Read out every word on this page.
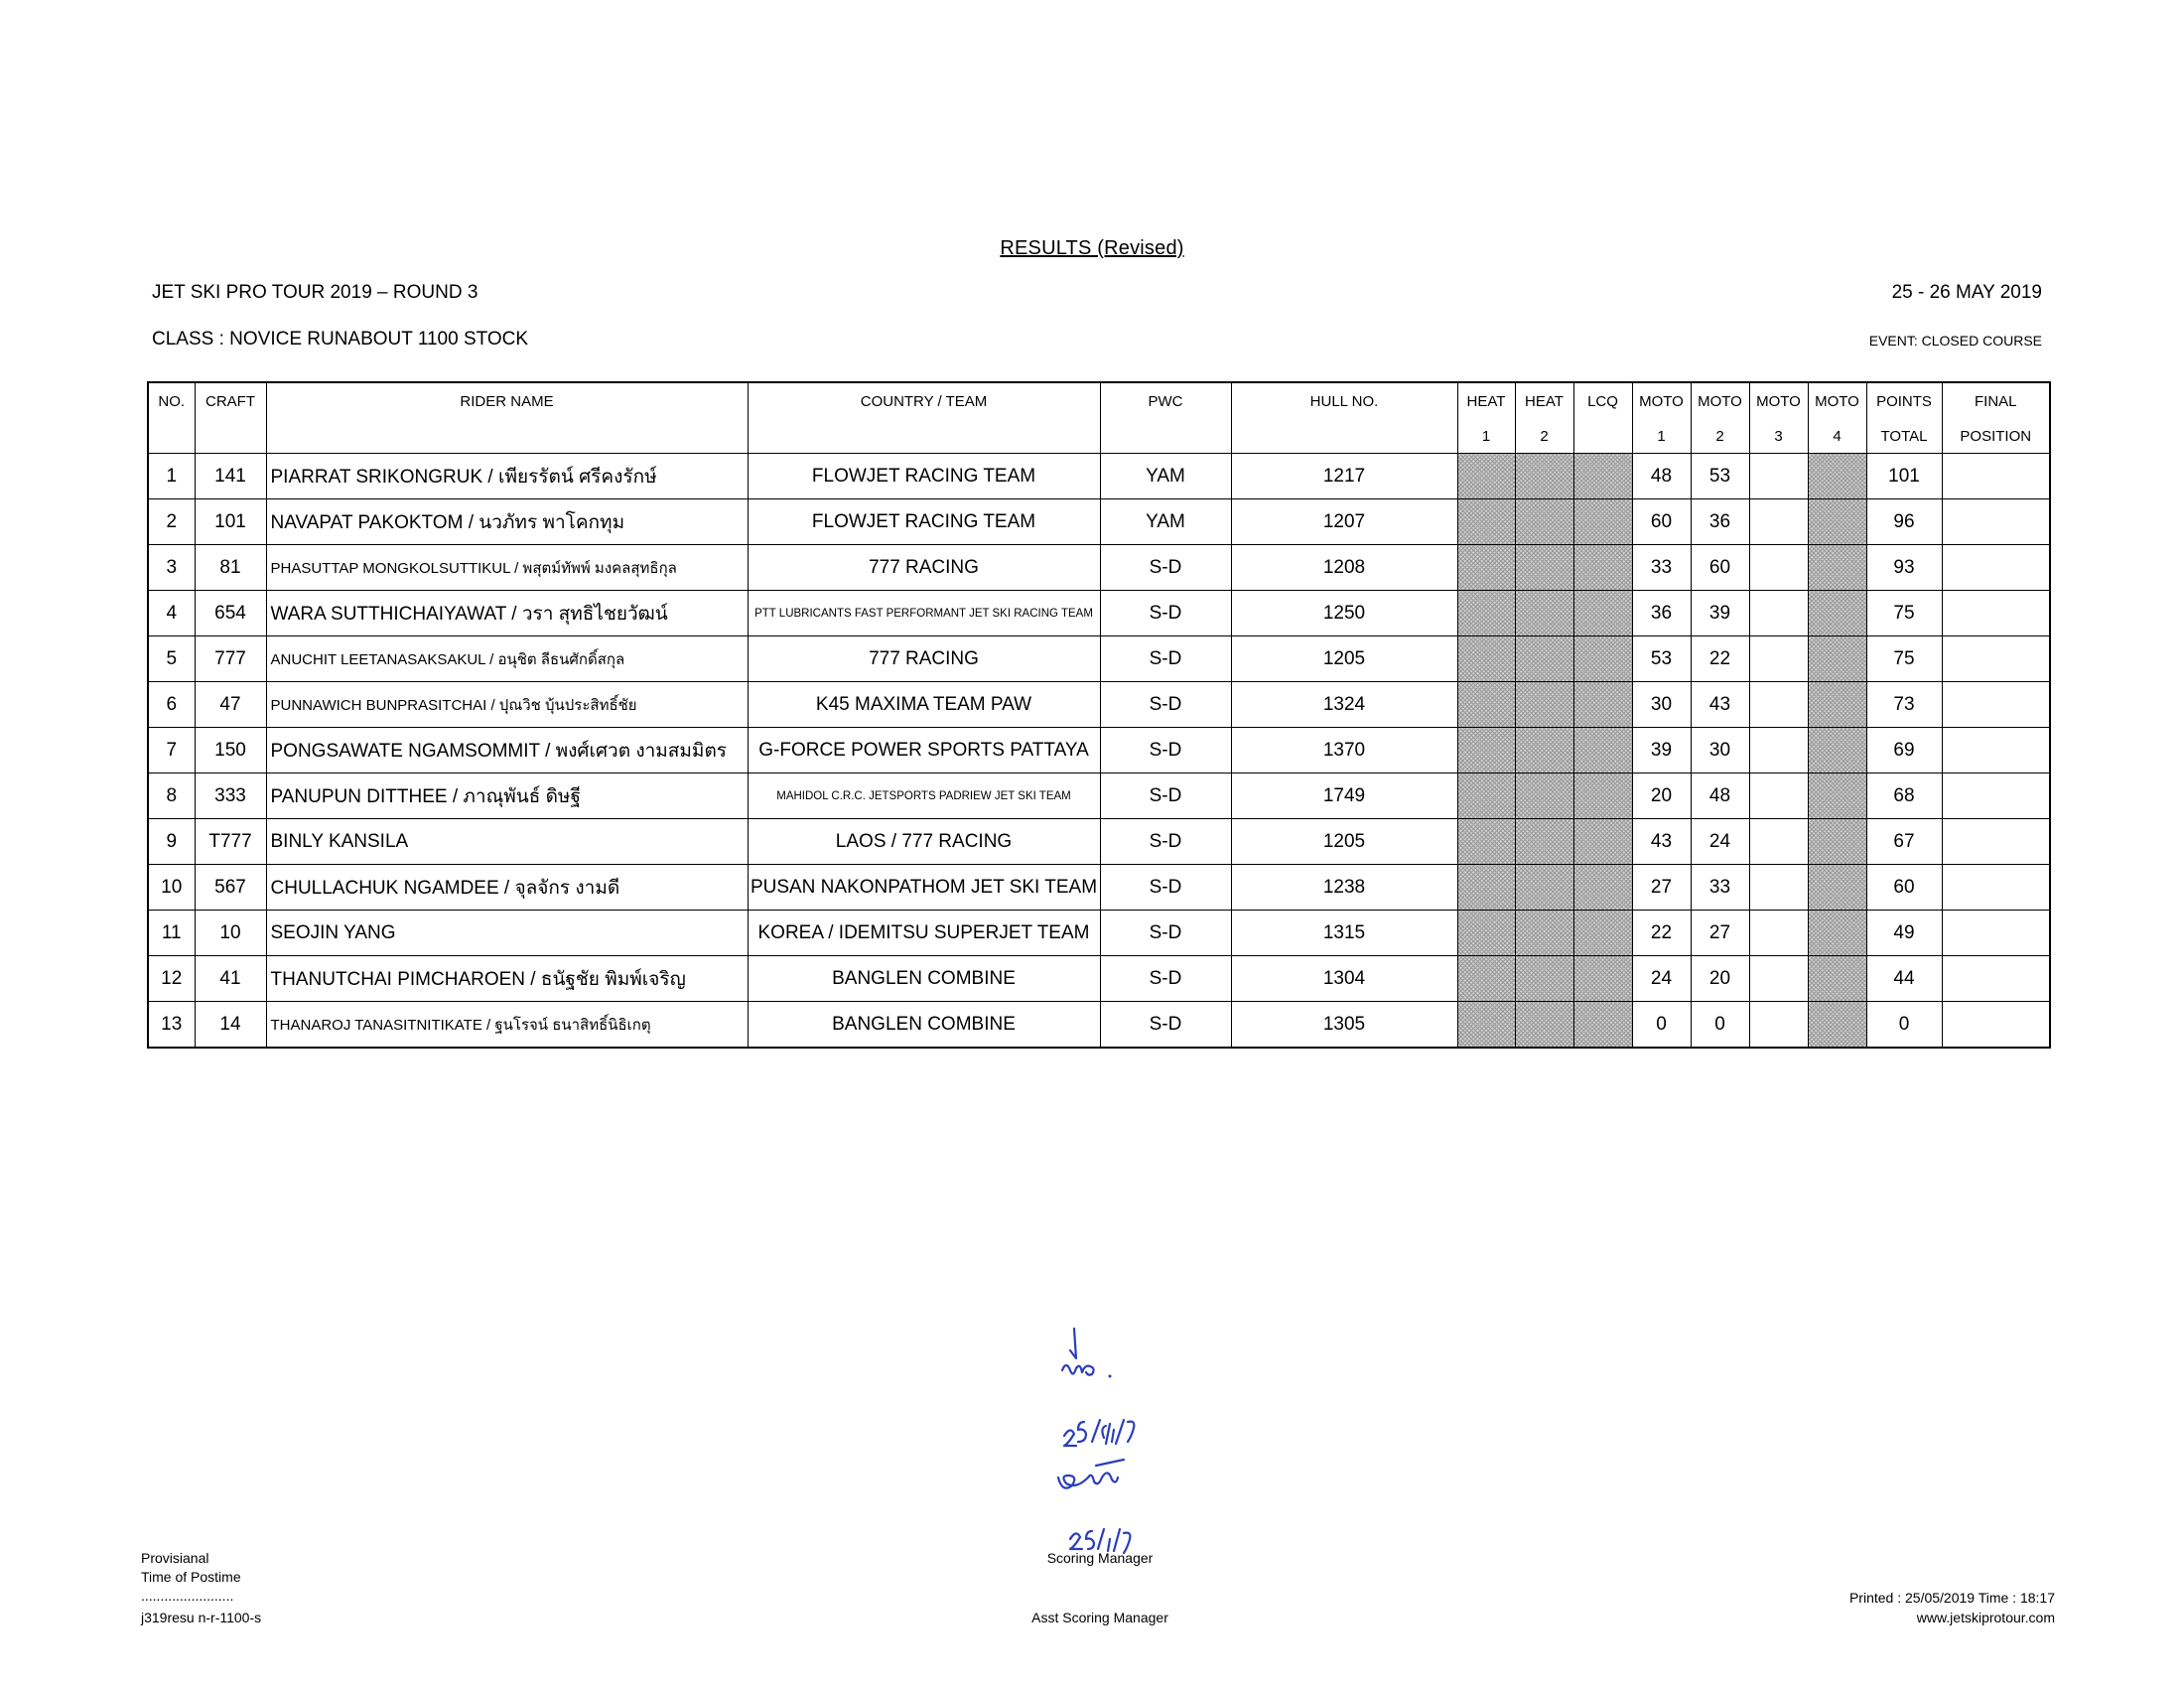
RESULTS (Revised)
JET SKI PRO TOUR 2019 – ROUND 3	25 - 26 MAY 2019
CLASS : NOVICE RUNABOUT 1100 STOCK	EVENT: CLOSED COURSE
NO.	CRAFT	RIDER NAME	COUNTRY / TEAM	PWC	HULL NO.	HEAT	HEAT	LCQ	MOTO	MOTO	MOTO	MOTO	POINTS	FINAL
						1	2		1	2	3	4	TOTAL	POSITION
1	141	PIARRAT SRIKONGRUK / เพียรรัตน์ ศรีคงรักษ์	FLOWJET RACING TEAM	YAM	1217				48	53			101	
2	101	NAVAPAT PAKOKTOM / นวภัทร พาโคกทุม	FLOWJET RACING TEAM	YAM	1207				60	36			96	
3	81	PHASUTTAP MONGKOLSUTTIKUL / พสุตม์ทัพพ์ มงคลสุทธิกุล	777 RACING	S-D	1208				33	60			93	
4	654	WARA SUTTHICHAIYAWAT / วรา สุทธิไชยวัฒน์	PTT LUBRICANTS FAST PERFORMANT JET SKI RACING TEAM	S-D	1250				36	39			75	
5	777	ANUCHIT LEETANASAKSAKUL / อนุชิต ลีธนศักดิ์สกุล	777 RACING	S-D	1205				53	22			75	
6	47	PUNNAWICH BUNPRASITCHAI / ปุณวิช บุ้นประสิทธิ์ชัย	K45 MAXIMA TEAM PAW	S-D	1324				30	43			73	
7	150	PONGSAWATE NGAMSOMMIT / พงศ์เศวต งามสมมิตร	G-FORCE POWER SPORTS PATTAYA	S-D	1370				39	30			69	
8	333	PANUPUN DITTHEE / ภาณุพันธ์ ดิษฐี	MAHIDOL C.R.C. JETSPORTS PADRIEW JET SKI TEAM	S-D	1749				20	48			68	
9	T777	BINLY KANSILA	LAOS / 777 RACING	S-D	1205				43	24			67	
10	567	CHULLACHUK NGAMDEE / จุลจักร งามดี	PUSAN NAKONPATHOM JET SKI TEAM	S-D	1238				27	33			60	
11	10	SEOJIN YANG	KOREA / IDEMITSU SUPERJET TEAM	S-D	1315				22	27			49	
12	41	THANUTCHAI PIMCHAROEN / ธนัฐชัย พิมพ์เจริญ	BANGLEN COMBINE	S-D	1304				24	20			44	
13	14	THANAROJ TANASITNITIKATE / ฐนโรจน์ ธนาสิทธิ์นิธิเกตุ	BANGLEN COMBINE	S-D	1305				0	0			0	
Scoring Manager
Asst Scoring Manager
Provisianal
Time of Postime
........................
j319resu n-r-1100-s
Printed : 25/05/2019 Time : 18:17
www.jetskiprotour.com
